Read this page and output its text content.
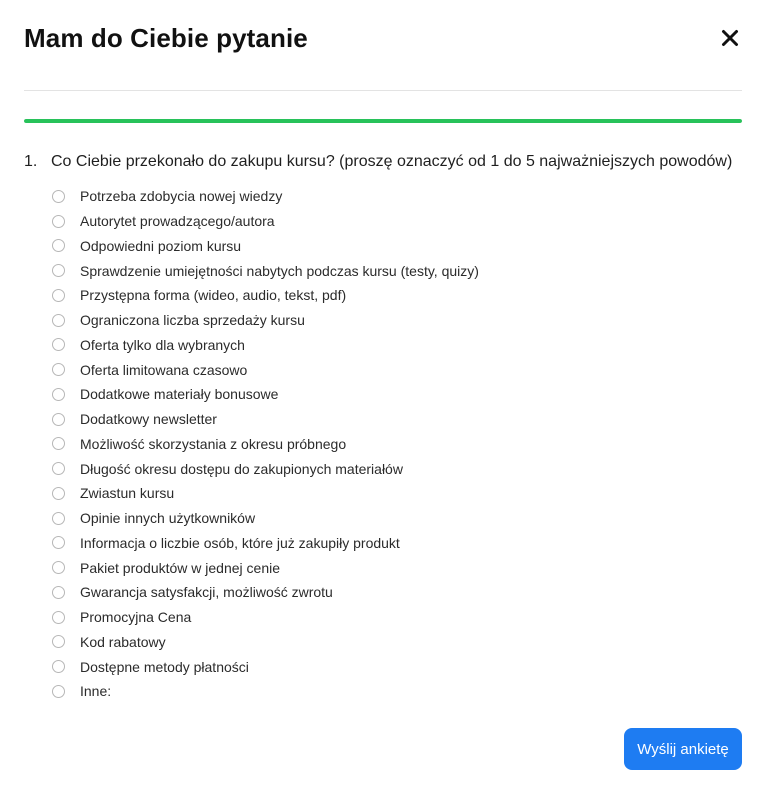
Mam do Ciebie pytanie
1. Co Ciebie przekonało do zakupu kursu? (proszę oznaczyć od 1 do 5 najważniejszych powodów)
Potrzeba zdobycia nowej wiedzy
Autorytet prowadzącego/autora
Odpowiedni poziom kursu
Sprawdzenie umiejętności nabytych podczas kursu (testy, quizy)
Przystępna forma (wideo, audio, tekst, pdf)
Ograniczona liczba sprzedaży kursu
Oferta tylko dla wybranych
Oferta limitowana czasowo
Dodatkowe materiały bonusowe
Dodatkowy newsletter
Możliwość skorzystania z okresu próbnego
Długość okresu dostępu do zakupionych materiałów
Zwiastun kursu
Opinie innych użytkowników
Informacja o liczbie osób, które już zakupiły produkt
Pakiet produktów w jednej cenie
Gwarancja satysfakcji, możliwość zwrotu
Promocyjna Cena
Kod rabatowy
Dostępne metody płatności
Inne:
Wyślij ankietę
